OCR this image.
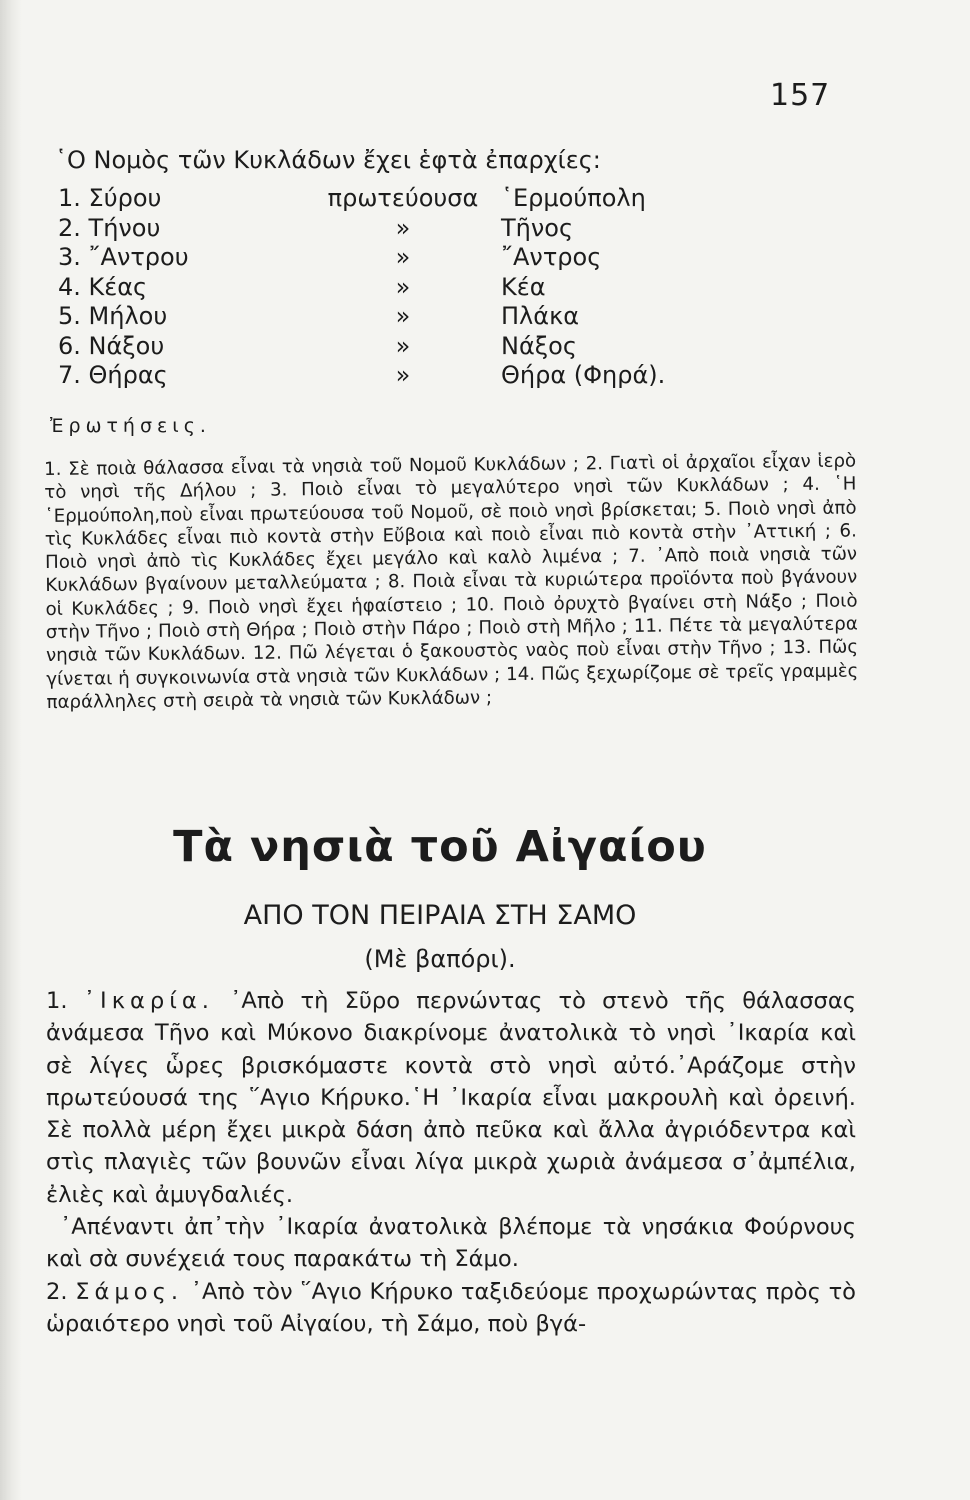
157

῾Ο Νομὸς τῶν Κυκλάδων ἔχει ἑφτὰ ἐπαρχίες:

1. Σύρου	πρωτεύουσα	῾Ερμούπολη
2. Τήνου	»	Τῆνος
3. ῎Αντρου	»	῎Αντρος
4. Κέας	»	Κέα
5. Μήλου	»	Πλάκα
6. Νάξου	»	Νάξος
7. Θήρας	»	Θήρα (Φηρά).
Ἐρωτήσεις.

1. Σὲ ποιὰ θάλασσα εἶναι τὰ νησιὰ τοῦ Νομοῦ Κυκλάδων ; 2. Γιατὶ οἱ ἀρχαῖοι εἶχαν ἱερὸ τὸ νησὶ τῆς Δήλου ; 3. Ποιὸ εἶναι τὸ μεγαλύτερο νησὶ τῶν Κυκλάδων ; 4. ῾Η ῾Ερμούπολη,ποὺ εἶναι πρωτεύουσα τοῦ Νομοῦ, σὲ ποιὸ νησὶ βρίσκεται; 5. Ποιὸ νησὶ ἀπὸ τὶς Κυκλάδες εἶναι πιὸ κοντὰ στὴν Εὔβοια καὶ ποιὸ εἶναι πιὸ κοντὰ στὴν ᾿Αττική ; 6. Ποιὸ νησὶ ἀπὸ τὶς Κυκλάδες ἔχει μεγάλο καὶ καλὸ λιμένα ; 7. ᾿Απὸ ποιὰ νησιὰ τῶν Κυκλάδων βγαίνουν μεταλλεύματα ; 8. Ποιὰ εἶναι τὰ κυριώτερα προϊόντα ποὺ βγάνουν οἱ Κυκλάδες ; 9. Ποιὸ νησὶ ἔχει ἡφαίστειο ; 10. Ποιὸ ὀρυχτὸ βγαίνει στὴ Νάξο ; Ποιὸ στὴν Τῆνο ; Ποιὸ στὴ Θήρα ; Ποιὸ στὴν Πάρο ; Ποιὸ στὴ Μῆλο ; 11. Πέτε τὰ μεγαλύτερα νησιὰ τῶν Κυκλάδων. 12. Πῶ λέγεται ὁ ξακουστὸς ναὸς ποὺ εἶναι στὴν Τῆνο ; 13. Πῶς γίνεται ἡ συγκοινωνία στὰ νησιὰ τῶν Κυκλάδων ; 14. Πῶς ξεχωρίζομε σὲ τρεῖς γραμμὲς παράλληλες στὴ σειρὰ τὰ νησιὰ τῶν Κυκλάδων ;

Τὰ νησιὰ τοῦ Αἰγαίου
ΑΠΟ ΤΟΝ ΠΕΙΡΑΙΑ ΣΤΗ ΣΑΜΟ
(Μὲ βαπόρι).

1. ᾿Ικαρία. ᾿Απὸ τὴ Σῦρο περνώντας τὸ στενὸ τῆς θάλασσας ἀνάμεσα Τῆνο καὶ Μύκονο διακρίνομε ἀνατολικὰ τὸ νησὶ ᾿Ικαρία καὶ σὲ λίγες ὧρες βρισκόμαστε κοντὰ στὸ νησὶ αὐτό.᾿Αράζομε στὴν πρωτεύουσά της ῞Αγιο Κήρυκο.῾Η ᾿Ικαρία εἶναι μακρουλὴ καὶ ὀρεινή. Σὲ πολλὰ μέρη ἔχει μικρὰ δάση ἀπὸ πεῦκα καὶ ἄλλα ἀγριόδεντρα καὶ στὶς πλαγιὲς τῶν βουνῶν εἶναι λίγα μικρὰ χωριὰ ἀνάμεσα σ᾿ἀμπέλια, ἐλιὲς καὶ ἀμυγδαλιές.

᾿Απέναντι ἀπ᾿τὴν ᾿Ικαρία ἀνατολικὰ βλέπομε τὰ νησάκια Φούρνους καὶ σὰ συνέχειά τους παρακάτω τὴ Σάμο.

2. Σάμος. ᾿Απὸ τὸν ῞Αγιο Κήρυκο ταξιδεύομε προχωρώντας πρὸς τὸ ὡραιότερο νησὶ τοῦ Αἰγαίου, τὴ Σάμο, ποὺ βγά-
